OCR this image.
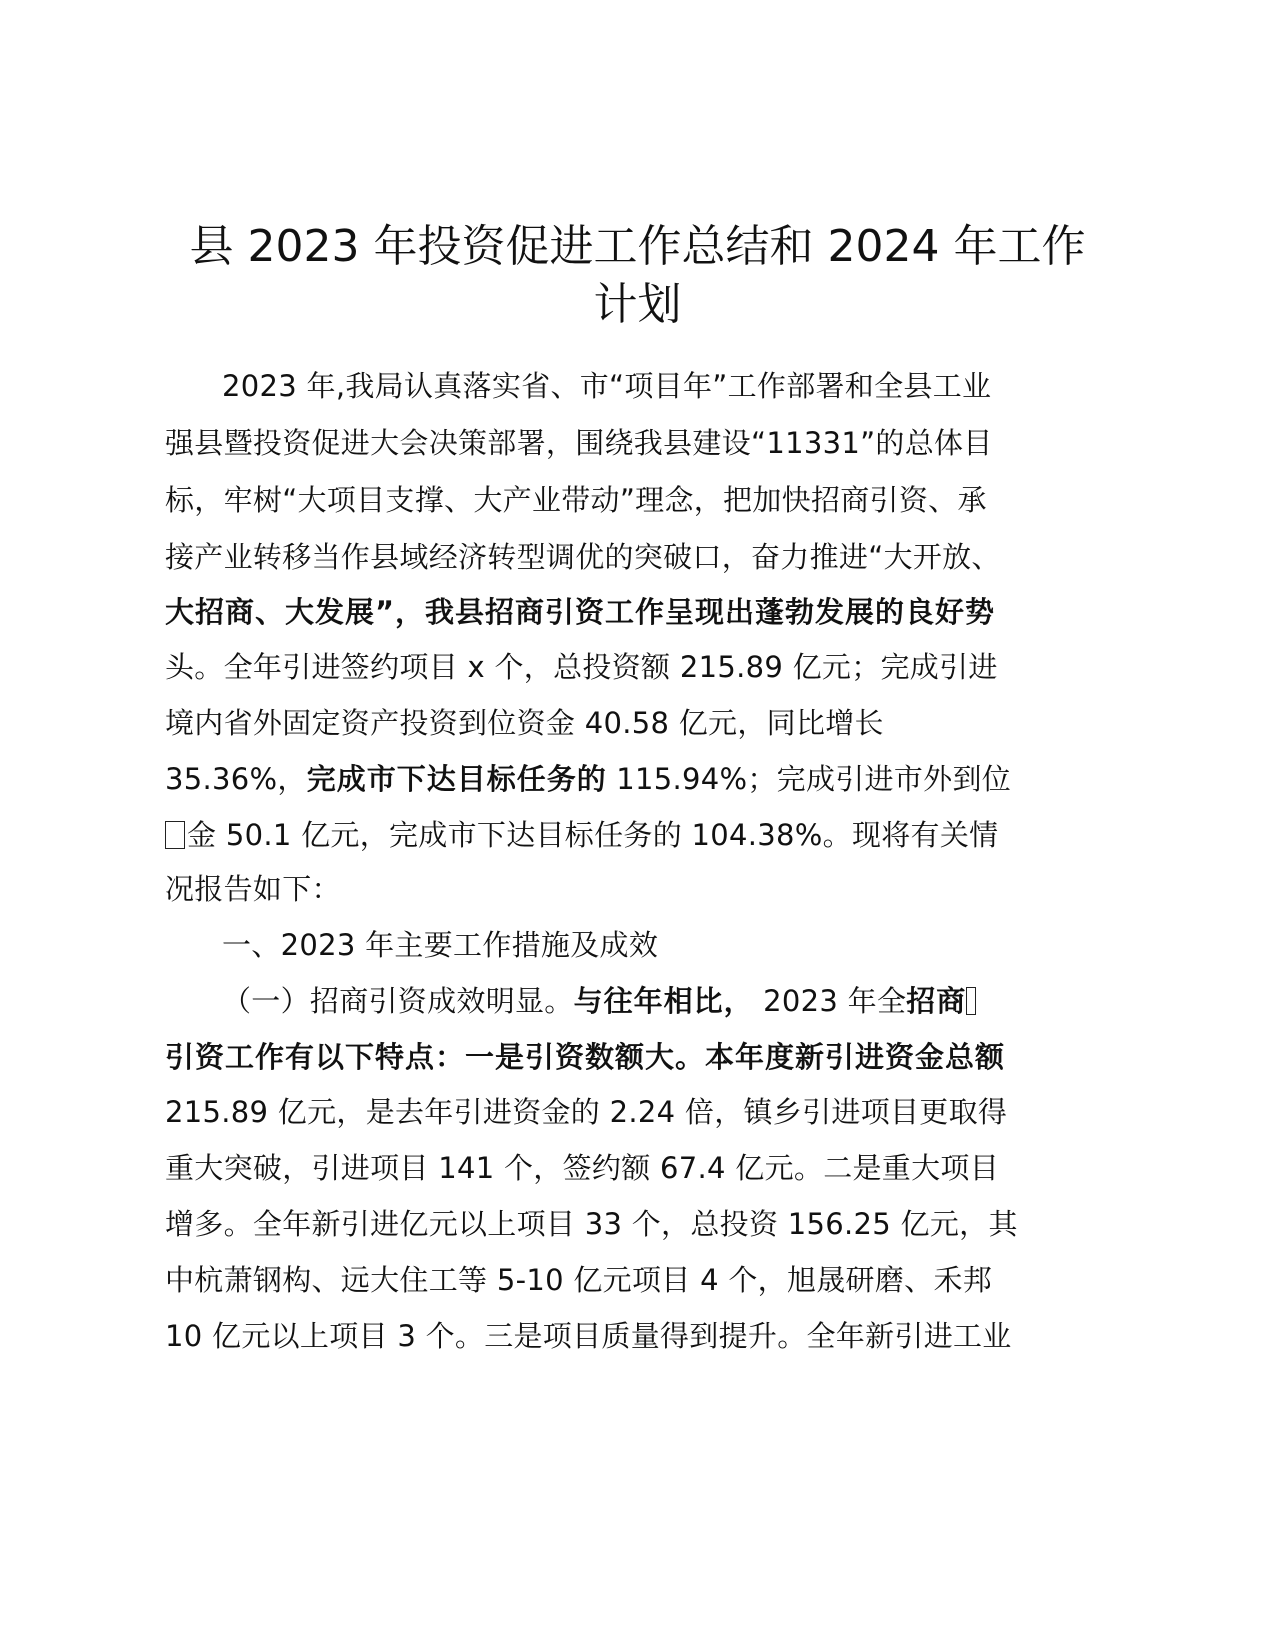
县 2023 年投资促进工作总结和 2024 年工作
计划
2023 年,我局认真落实省、市“项目年”工作部署和全县工业
强县暨投资促进大会决策部署，围绕我县建设“11331”的总体目
标，牢树“大项目支撑、大产业带动”理念，把加快招商引资、承
接产业转移当作县域经济转型调优的突破口，奋力推进“大开放、
大招商、大发展”，我县招商引资工作呈现出蓬勃发展的良好势
头。全年引进签约项目 x 个，总投资额 215.89 亿元；完成引进
境内省外固定资产投资到位资金 40.58 亿元，同比增长
35.36%，完成市下达目标任务的 115.94%；完成引进市外到位
金 50.1 亿元，完成市下达目标任务的 104.38%。现将有关情
况报告如下：
一、2023 年主要工作措施及成效
（一）招商引资成效明显。与往年相比， 2023 年全招商
引资工作有以下特点：一是引资数额大。本年度新引进资金总额
215.89 亿元，是去年引进资金的 2.24 倍，镇乡引进项目更取得
重大突破，引进项目 141 个，签约额 67.4 亿元。二是重大项目
增多。全年新引进亿元以上项目 33 个，总投资 156.25 亿元，其
中杭萧钢构、远大住工等 5-10 亿元项目 4 个，旭晟研磨、禾邦
10 亿元以上项目 3 个。三是项目质量得到提升。全年新引进工业
